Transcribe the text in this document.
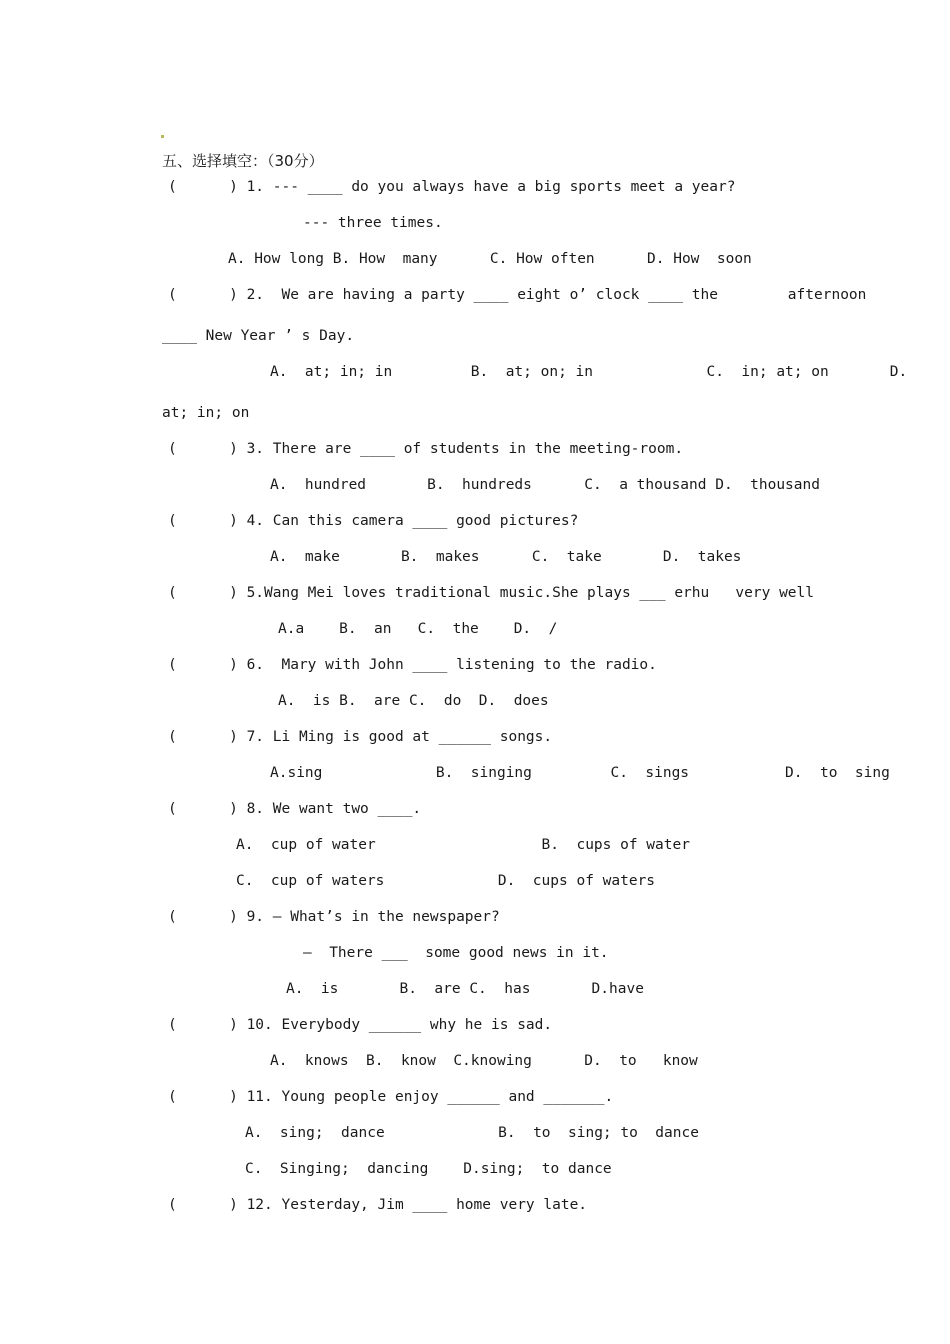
五、选择填空：（30分）
(      ) 1. --- ____ do you always have a big sports meet a year?
--- three times.
A. How long B. How  many      C. How often      D. How  soon
(      ) 2.  We are having a party ____ eight o’ clock ____ the        afternoon
____ New Year ’ s Day.
A.  at; in; in         B.  at; on; in             C.  in; at; on       D.
at; in; on
(      ) 3. There are ____ of students in the meeting-room.
A.  hundred       B.  hundreds      C.  a thousand D.  thousand
(      ) 4. Can this camera ____ good pictures?
A.  make       B.  makes      C.  take       D.  takes
(      ) 5.Wang Mei loves traditional music.She plays ___ erhu   very well
A.a    B.  an   C.  the    D.  /
(      ) 6.  Mary with John ____ listening to the radio.
A.  is B.  are C.  do  D.  does
(      ) 7. Li Ming is good at ______ songs.
A.sing             B.  singing         C.  sings           D.  to  sing
(      ) 8. We want two ____.
A.  cup of water                   B.  cups of water
C.  cup of waters             D.  cups of waters
(      ) 9. — What’s in the newspaper?
—  There ___  some good news in it.
A.  is       B.  are C.  has       D.have
(      ) 10. Everybody ______ why he is sad.
A.  knows  B.  know  C.knowing      D.  to   know
(      ) 11. Young people enjoy ______ and _______.
A.  sing;  dance             B.  to  sing; to  dance
C.  Singing;  dancing    D.sing;  to dance
(      ) 12. Yesterday, Jim ____ home very late.
